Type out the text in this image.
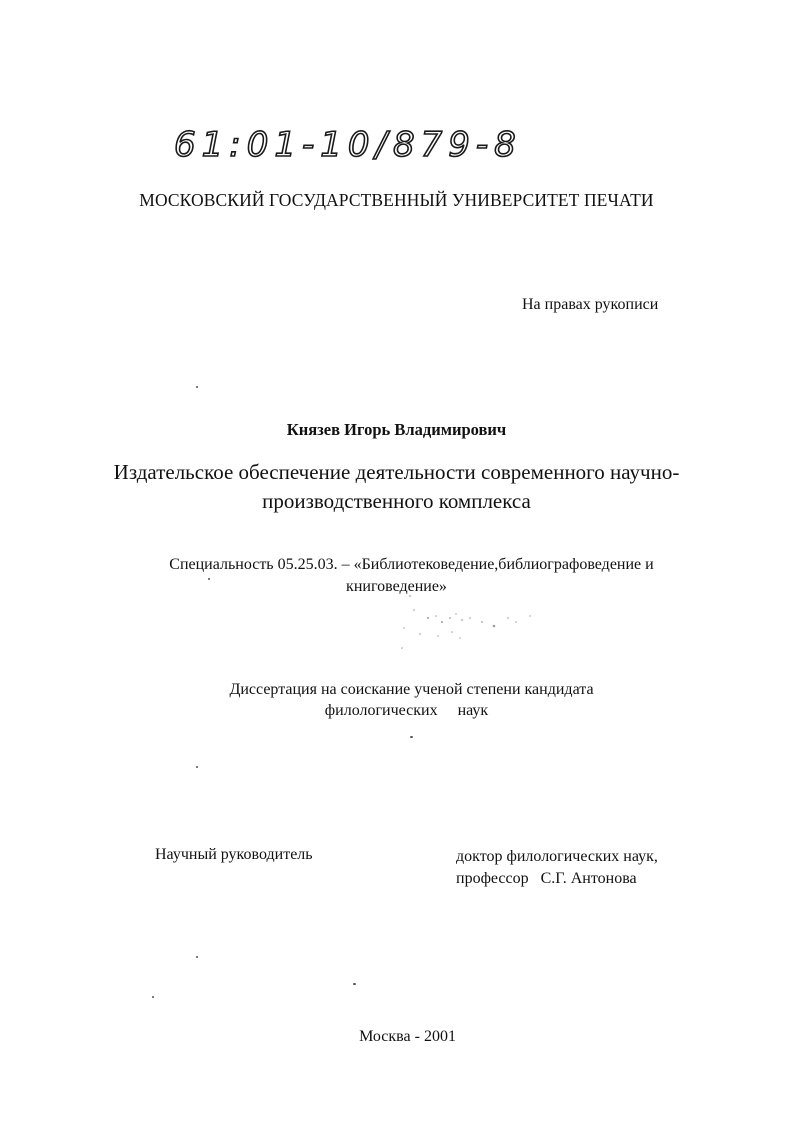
61:01-10/879-8
МОСКОВСКИЙ ГОСУДАРСТВЕННЫЙ УНИВЕРСИТЕТ ПЕЧАТИ
На правах рукописи
Князев Игорь Владимирович
Издательское обеспечение деятельности современного научно-
производственного комплекса
Специальность 05.25.03. – «Библиотековедение,библиографоведение и
книговедение»
Диссертация на соискание ученой степени кандидата
филологических     наук
Научный руководитель	доктор филологических наук,
профессор   С.Г. Антонова
Москва - 2001
